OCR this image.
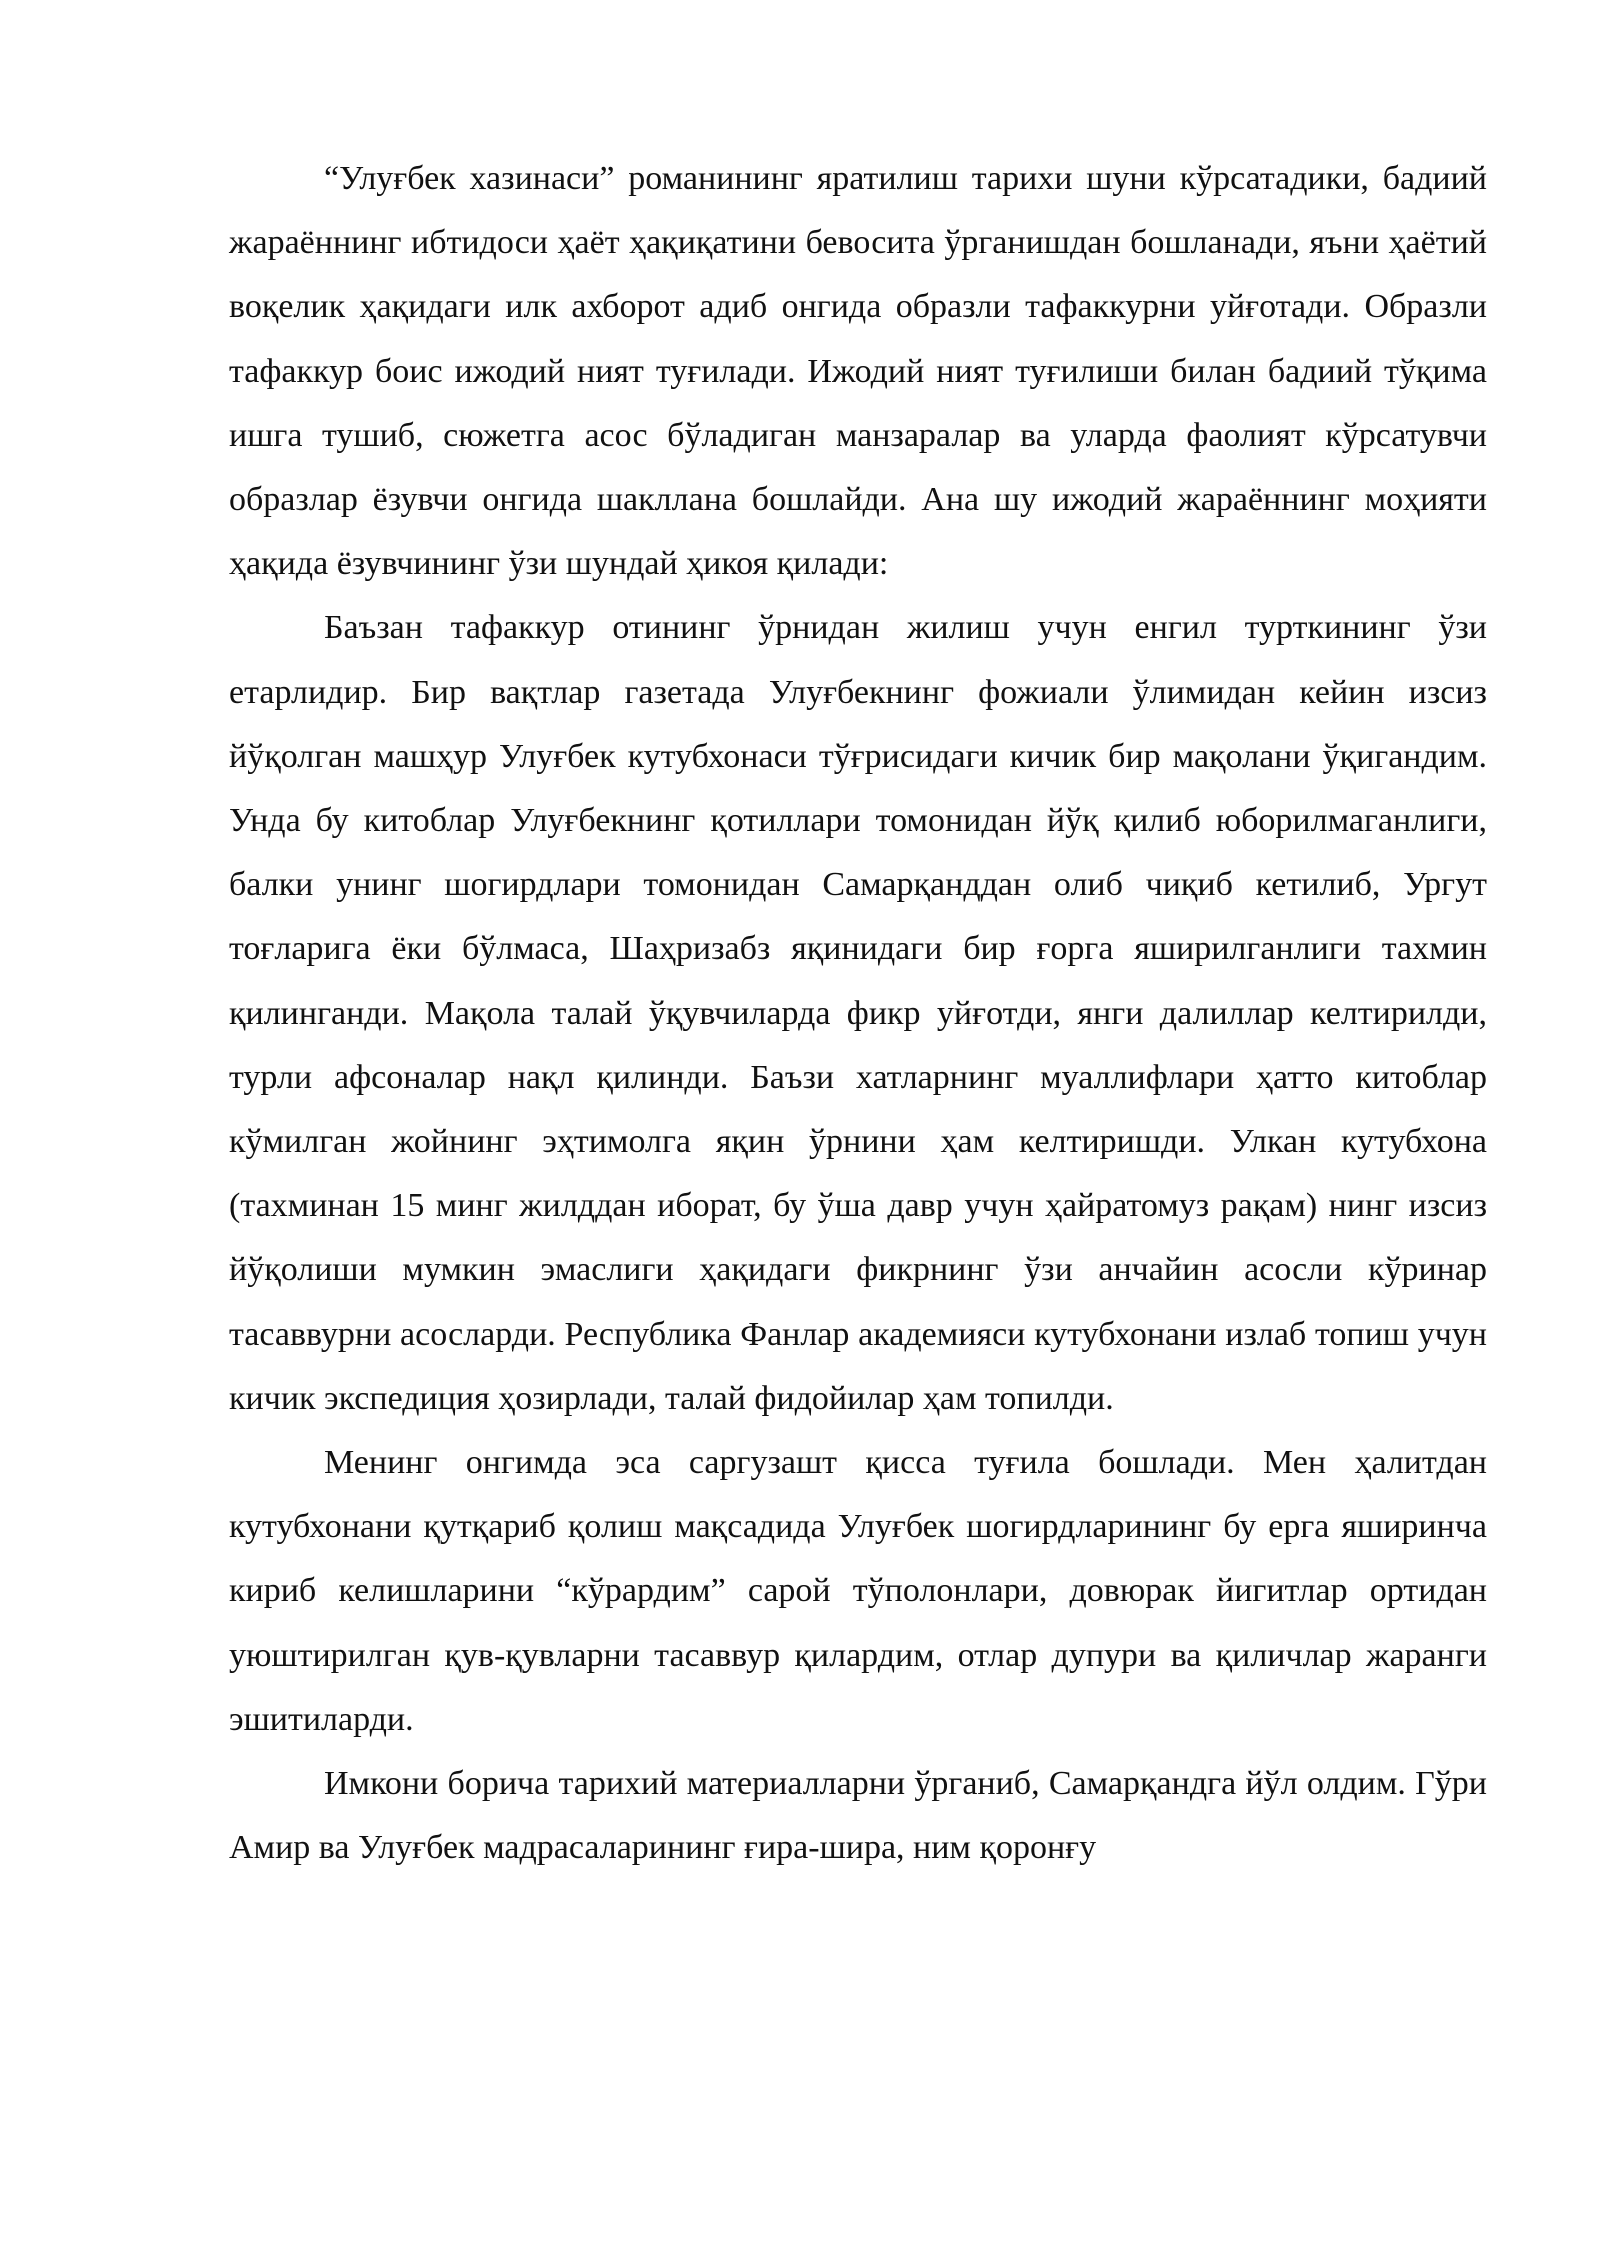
“Улуғбек хазинаси” романининг яратилиш тарихи шуни кўрсатадики, бадиий жараённинг ибтидоси ҳаёт ҳақиқатини бевосита ўрганишдан бошланади, яъни ҳаётий воқелик ҳақидаги илк ахборот адиб онгида образли тафаккурни уйғотади. Образли тафаккур боис ижодий ният туғилади. Ижодий ният туғилиши билан бадиий тўқима ишга тушиб, сюжетга асос бўладиган манзаралар ва уларда фаолият кўрсатувчи образлар ёзувчи онгида шакллана бошлайди. Ана шу ижодий жараённинг моҳияти ҳақида ёзувчининг ўзи шундай ҳикоя қилади:

Баъзан тафаккур отининг ўрнидан жилиш учун енгил турткининг ўзи етарлидир. Бир вақтлар газетада Улуғбекнинг фожиали ўлимидан кейин изсиз йўқолган машҳур Улуғбек кутубхонаси тўғрисидаги кичик бир мақолани ўқигандим. Унда бу китоблар Улуғбекнинг қотиллари томонидан йўқ қилиб юборилмаганлиги, балки унинг шогирдлари томонидан Самарқанддан олиб чиқиб кетилиб, Ургут тоғларига ёки бўлмаса, Шаҳризабз яқинидаги бир ғорга яширилганлиги тахмин қилинганди. Мақола талай ўқувчиларда фикр уйғотди, янги далиллар келтирилди, турли афсоналар нақл қилинди. Баъзи хатларнинг муаллифлари ҳатто китоблар кўмилган жойнинг эҳтимолга яқин ўрнини ҳам келтиришди. Улкан кутубхона (тахминан 15 минг жилддан иборат, бу ўша давр учун ҳайратомуз рақам) нинг изсиз йўқолиши мумкин эмаслиги ҳақидаги фикрнинг ўзи анчайин асосли кўринар тасаввурни асосларди. Республика Фанлар академияси кутубхонани излаб топиш учун кичик экспедиция ҳозирлади, талай фидойилар ҳам топилди.

Менинг онгимда эса саргузашт қисса туғила бошлади. Мен ҳалитдан кутубхонани қутқариб қолиш мақсадида Улуғбек шогирдларининг бу ерга яширинча кириб келишларини “кўрардим” сарой тўполонлари, довюрак йигитлар ортидан уюштирилган қув-қувларни тасаввур қилардим, отлар дупури ва қиличлар жаранги эшитиларди.

Имкони борича тарихий материалларни ўрганиб, Самарқандга йўл олдим. Гўри Амир ва Улуғбек мадрасаларининг ғира-шира, ним қоронғу
